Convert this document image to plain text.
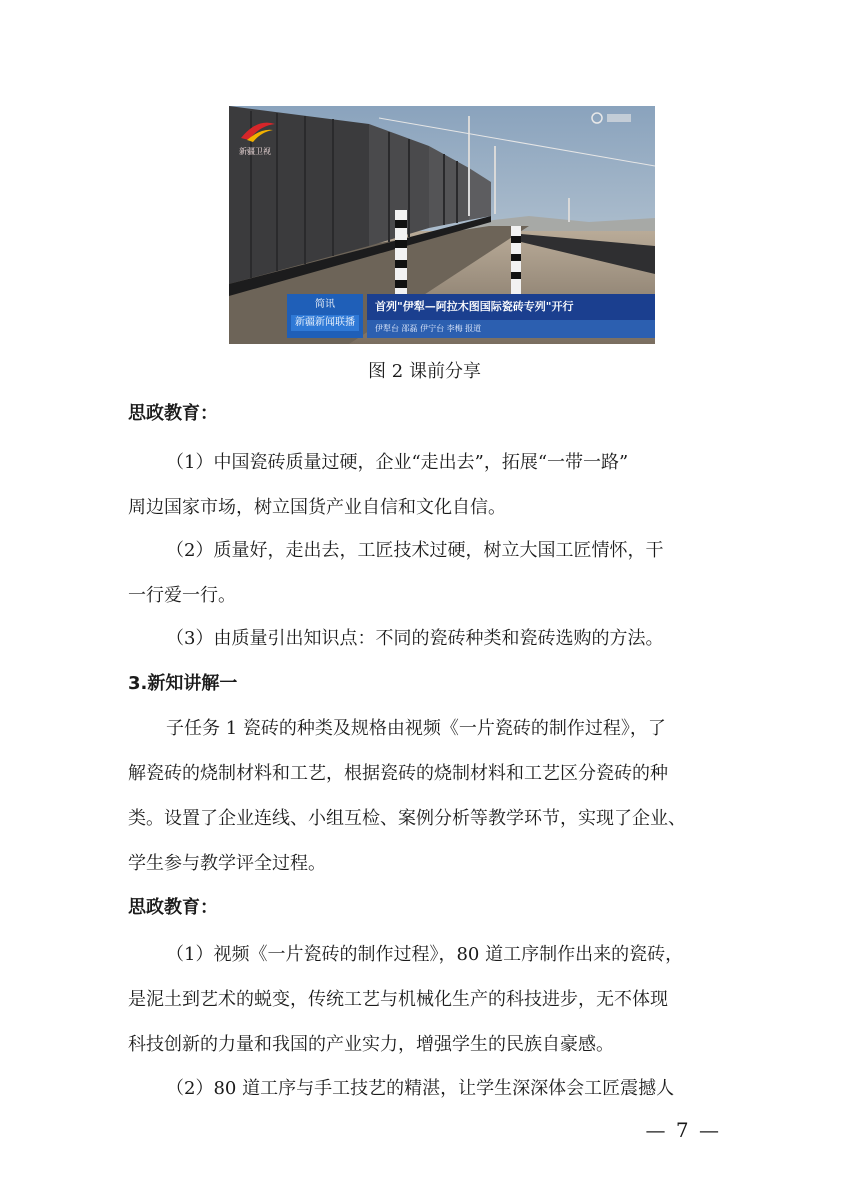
新疆卫视
简讯
新疆新闻联播
首列"伊犁—阿拉木图国际瓷砖专列"开行
伊犁台 邵磊 伊宁台 李梅 报道
图 2 课前分享
思政教育：
（1）中国瓷砖质量过硬，企业“走出去”，拓展“一带一路”
周边国家市场，树立国货产业自信和文化自信。
（2）质量好，走出去，工匠技术过硬，树立大国工匠情怀，干
一行爱一行。
（3）由质量引出知识点：不同的瓷砖种类和瓷砖选购的方法。
3.新知讲解一
子任务 1 瓷砖的种类及规格由视频《一片瓷砖的制作过程》，了
解瓷砖的烧制材料和工艺，根据瓷砖的烧制材料和工艺区分瓷砖的种
类。设置了企业连线、小组互检、案例分析等教学环节，实现了企业、
学生参与教学评全过程。
思政教育：
（1）视频《一片瓷砖的制作过程》，80 道工序制作出来的瓷砖，
是泥土到艺术的蜕变，传统工艺与机械化生产的科技进步，无不体现
科技创新的力量和我国的产业实力，增强学生的民族自豪感。
（2）80 道工序与手工技艺的精湛，让学生深深体会工匠震撼人
— 7 —
